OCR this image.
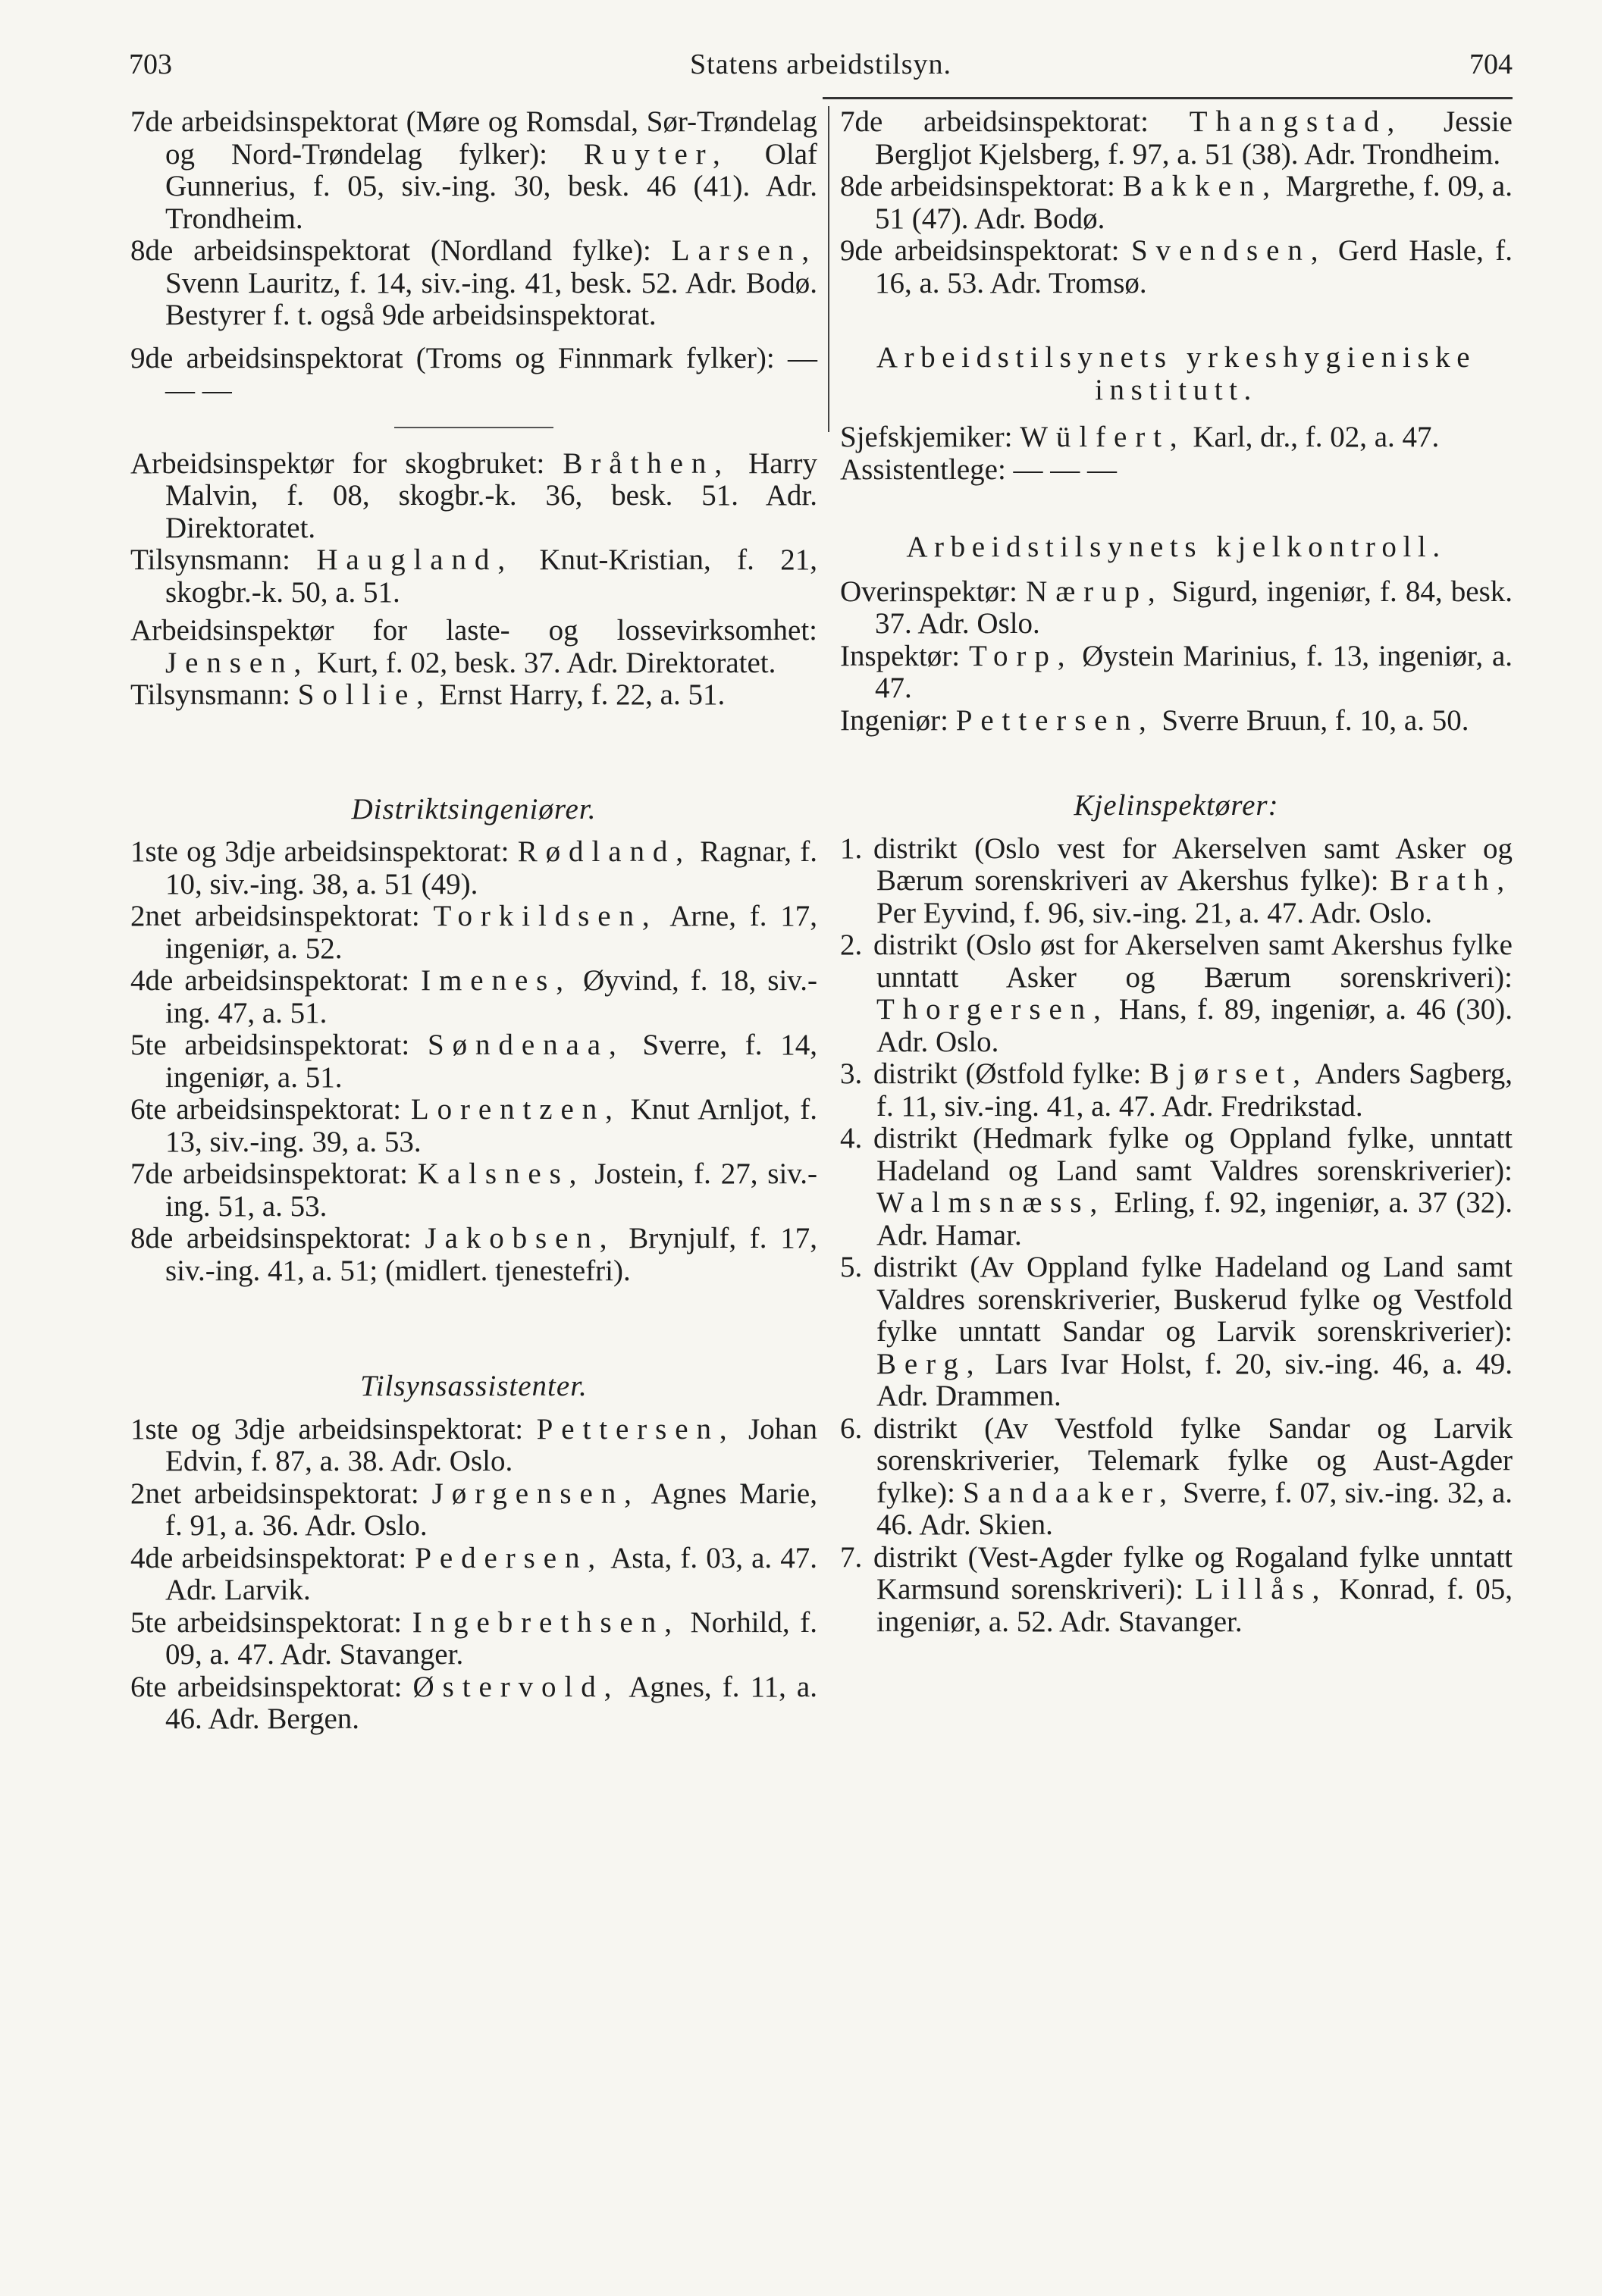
703	Statens arbeidstilsyn.	704

7de arbeidsinspektorat (Møre og Romsdal, Sør-Trøndelag og Nord-Trøndelag fylker): Ruyter, Olaf Gunnerius, f. 05, siv.-ing. 30, besk. 46 (41). Adr. Trondheim.

8de arbeidsinspektorat (Nordland fylke): Larsen, Svenn Lauritz, f. 14, siv.-ing. 41, besk. 52. Adr. Bodø. Bestyrer f. t. også 9de arbeidsinspektorat.

9de arbeidsinspektorat (Troms og Finnmark fylker): — — —

Arbeidsinspektør for skogbruket: Bråthen, Harry Malvin, f. 08, skogbr.-k. 36, besk. 51. Adr. Direktoratet.

Tilsynsmann: Haugland, Knut-Kristian, f. 21, skogbr.-k. 50, a. 51.

Arbeidsinspektør for laste- og lossevirksomhet: Jensen, Kurt, f. 02, besk. 37. Adr. Direktoratet.

Tilsynsmann: Sollie, Ernst Harry, f. 22, a. 51.

Distriktsingeniører.

1ste og 3dje arbeidsinspektorat: Rødland, Ragnar, f. 10, siv.-ing. 38, a. 51 (49).

2net arbeidsinspektorat: Torkildsen, Arne, f. 17, ingeniør, a. 52.

4de arbeidsinspektorat: Imenes, Øyvind, f. 18, siv.-ing. 47, a. 51.

5te arbeidsinspektorat: Søndenaa, Sverre, f. 14, ingeniør, a. 51.

6te arbeidsinspektorat: Lorentzen, Knut Arnljot, f. 13, siv.-ing. 39, a. 53.

7de arbeidsinspektorat: Kalsnes, Jostein, f. 27, siv.-ing. 51, a. 53.

8de arbeidsinspektorat: Jakobsen, Brynjulf, f. 17, siv.-ing. 41, a. 51; (midlert. tjenestefri).

Tilsynsassistenter.

1ste og 3dje arbeidsinspektorat: Pettersen, Johan Edvin, f. 87, a. 38. Adr. Oslo.

2net arbeidsinspektorat: Jørgensen, Agnes Marie, f. 91, a. 36. Adr. Oslo.

4de arbeidsinspektorat: Pedersen, Asta, f. 03, a. 47. Adr. Larvik.

5te arbeidsinspektorat: Ingebrethsen, Norhild, f. 09, a. 47. Adr. Stavanger.

6te arbeidsinspektorat: Østervold, Agnes, f. 11, a. 46. Adr. Bergen.

7de arbeidsinspektorat: Thangstad, Jessie Bergljot Kjelsberg, f. 97, a. 51 (38). Adr. Trondheim.

8de arbeidsinspektorat: Bakken, Margrethe, f. 09, a. 51 (47). Adr. Bodø.

9de arbeidsinspektorat: Svendsen, Gerd Hasle, f. 16, a. 53. Adr. Tromsø.

Arbeidstilsynets yrkeshygieniske institutt.

Sjefskjemiker: Wülfert, Karl, dr., f. 02, a. 47.

Assistentlege: — — —

Arbeidstilsynets kjelkontroll.

Overinspektør: Nærup, Sigurd, ingeniør, f. 84, besk. 37. Adr. Oslo.

Inspektør: Torp, Øystein Marinius, f. 13, ingeniør, a. 47.

Ingeniør: Pettersen, Sverre Bruun, f. 10, a. 50.

Kjelinspektører:

1. distrikt (Oslo vest for Akerselven samt Asker og Bærum sorenskriveri av Akershus fylke): Brath, Per Eyvind, f. 96, siv.-ing. 21, a. 47. Adr. Oslo.

2. distrikt (Oslo øst for Akerselven samt Akershus fylke unntatt Asker og Bærum sorenskriveri): Thorgersen, Hans, f. 89, ingeniør, a. 46 (30). Adr. Oslo.

3. distrikt (Østfold fylke: Bjørset, Anders Sagberg, f. 11, siv.-ing. 41, a. 47. Adr. Fredrikstad.

4. distrikt (Hedmark fylke og Oppland fylke, unntatt Hadeland og Land samt Valdres sorenskriverier): Walmsnæss, Erling, f. 92, ingeniør, a. 37 (32). Adr. Hamar.

5. distrikt (Av Oppland fylke Hadeland og Land samt Valdres sorenskriverier, Buskerud fylke og Vestfold fylke unntatt Sandar og Larvik sorenskriverier): Berg, Lars Ivar Holst, f. 20, siv.-ing. 46, a. 49. Adr. Drammen.

6. distrikt (Av Vestfold fylke Sandar og Larvik sorenskriverier, Telemark fylke og Aust-Agder fylke): Sandaaker, Sverre, f. 07, siv.-ing. 32, a. 46. Adr. Skien.

7. distrikt (Vest-Agder fylke og Rogaland fylke unntatt Karmsund sorenskriveri): Lillås, Konrad, f. 05, ingeniør, a. 52. Adr. Stavanger.
